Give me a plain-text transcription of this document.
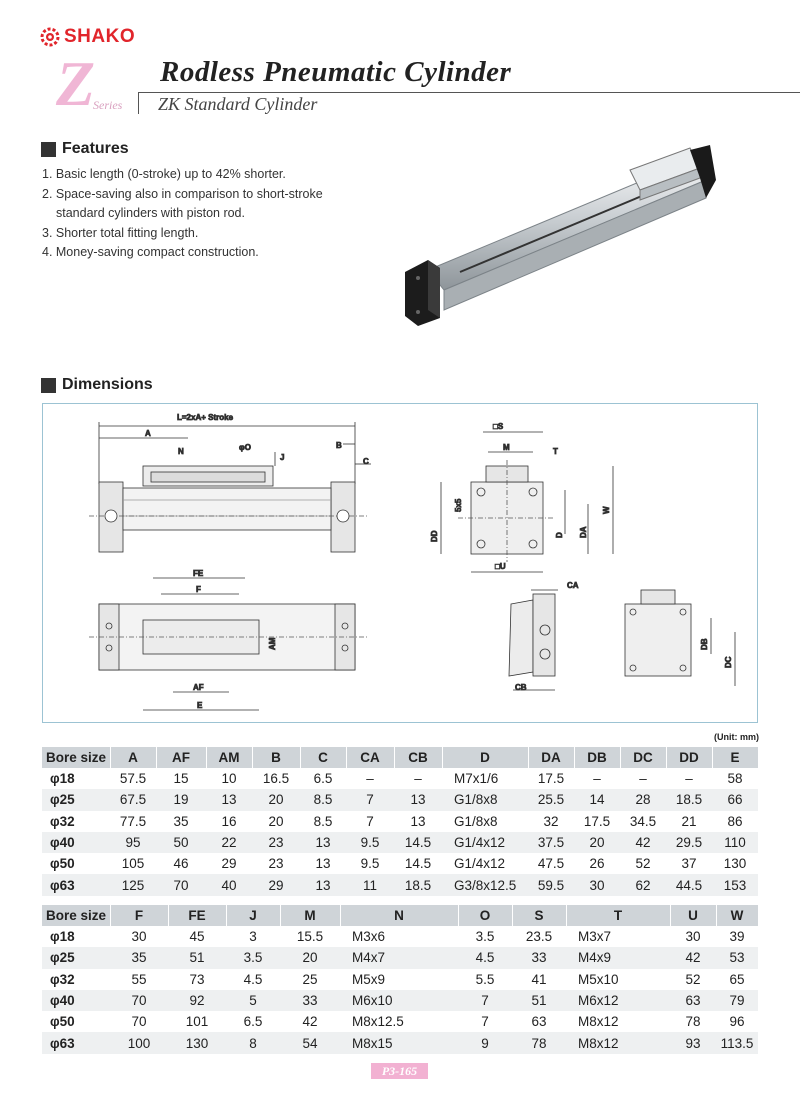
SHAKO
Z
Series
Rodless Pneumatic Cylinder
ZK Standard Cylinder
Features
1. Basic length (0-stroke) up to 42% shorter.
2. Space-saving also in comparison to short-stroke
standard cylinders with piston rod.
3. Shorter total fitting length.
4. Money-saving compact construction.
Dimensions
L=2xA+ Stroke
A
N	φO	B
J	C
FE
F
AM
AF
E
□S
M	T
W
DA
D
DD
5x5
□U
CA
CB
DB
DC
(Unit: mm)
Bore size	A	AF	AM	B	C	CA	CB	D	DA	DB	DC	DD	E
φ18	57.5	15	10	16.5	6.5	–	–	M7x1/6	17.5	–	–	–	58
φ25	67.5	19	13	20	8.5	7	13	G1/8x8	25.5	14	28	18.5	66
φ32	77.5	35	16	20	8.5	7	13	G1/8x8	32	17.5	34.5	21	86
φ40	95	50	22	23	13	9.5	14.5	G1/4x12	37.5	20	42	29.5	110
φ50	105	46	29	23	13	9.5	14.5	G1/4x12	47.5	26	52	37	130
φ63	125	70	40	29	13	11	18.5	G3/8x12.5	59.5	30	62	44.5	153
Bore size	F	FE	J	M	N	O	S	T	U	W
φ18	30	45	3	15.5	M3x6	3.5	23.5	M3x7	30	39
φ25	35	51	3.5	20	M4x7	4.5	33	M4x9	42	53
φ32	55	73	4.5	25	M5x9	5.5	41	M5x10	52	65
φ40	70	92	5	33	M6x10	7	51	M6x12	63	79
φ50	70	101	6.5	42	M8x12.5	7	63	M8x12	78	96
φ63	100	130	8	54	M8x15	9	78	M8x12	93	113.5
P3-165
